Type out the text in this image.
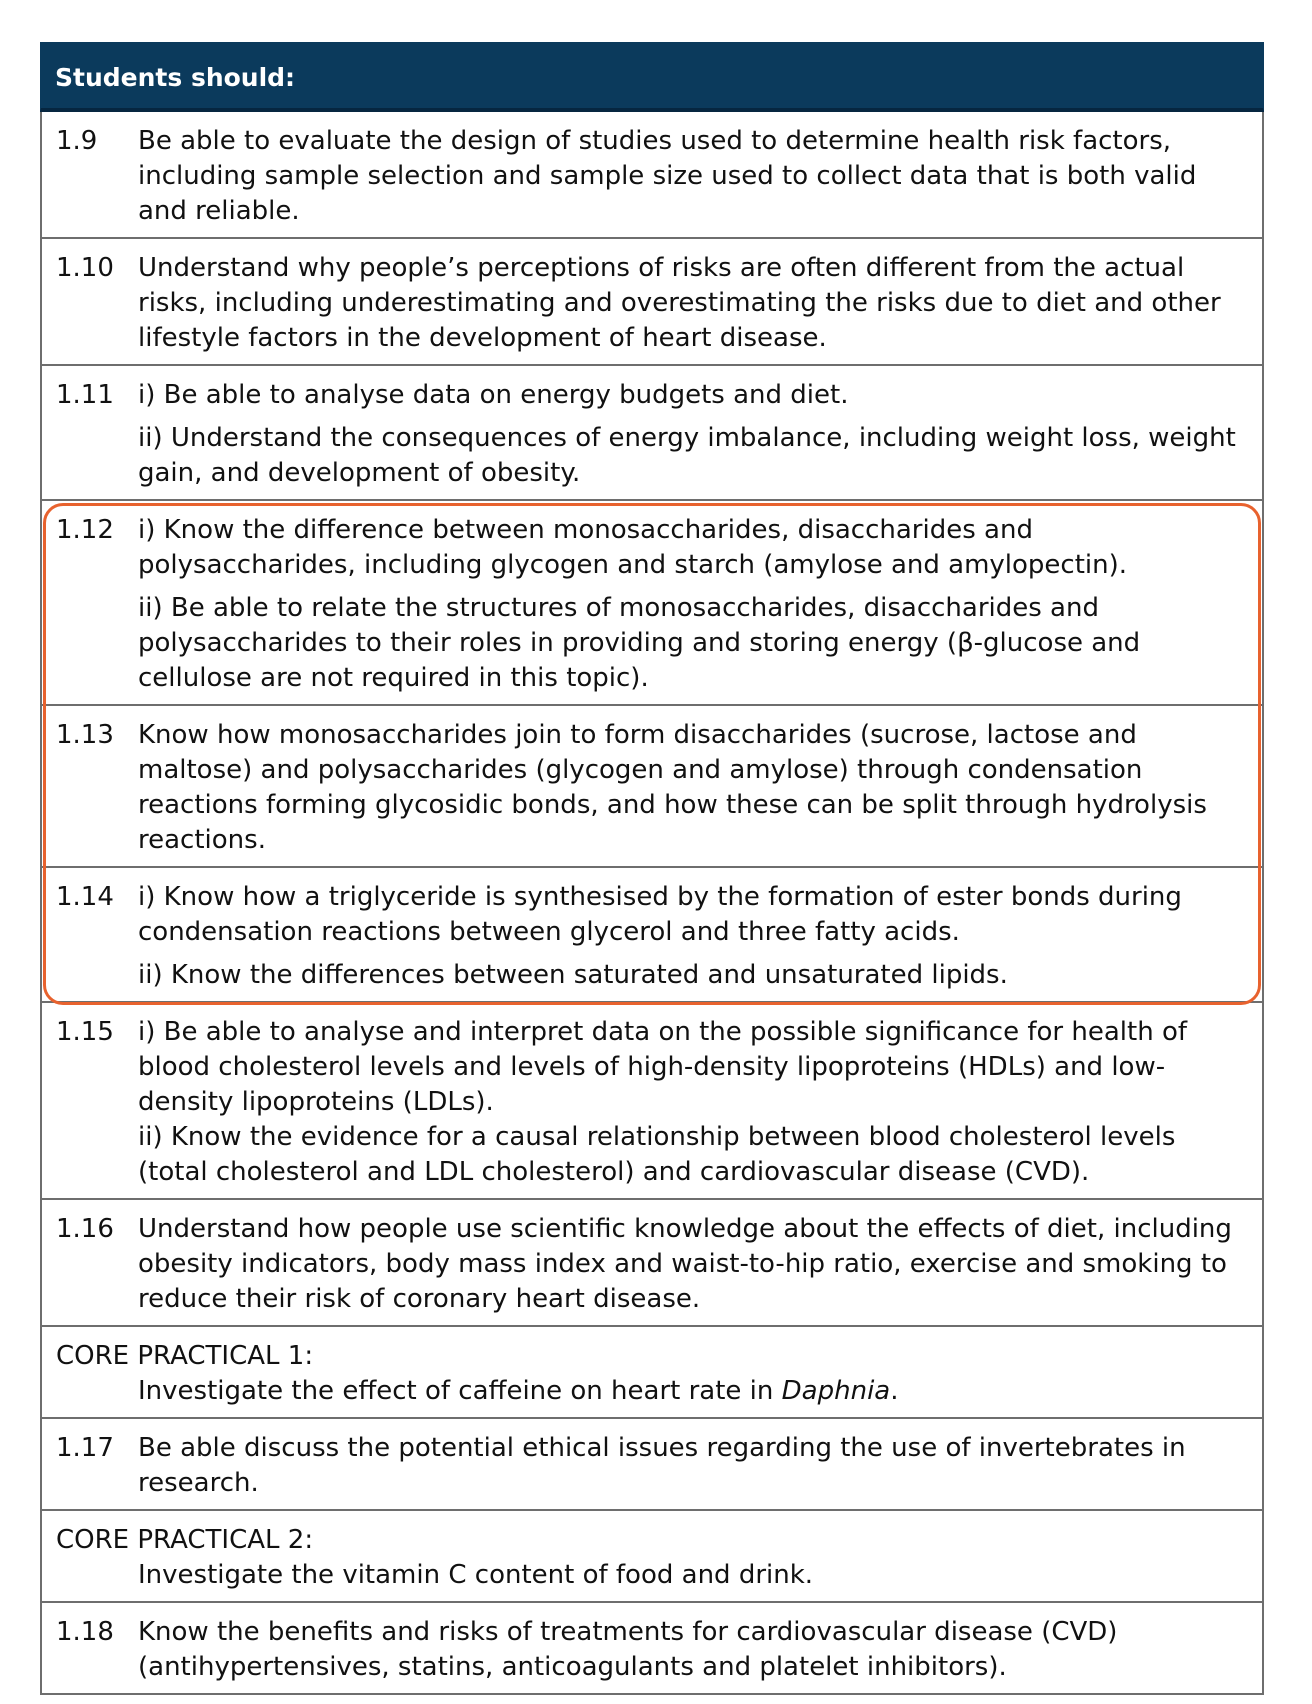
Students should:
1.9	Be able to evaluate the design of studies used to determine health risk factors, including sample selection and sample size used to collect data that is both valid and reliable.
1.10 Understand why people’s perceptions of risks are often different from the actual risks, including underestimating and overestimating the risks due to diet and other lifestyle factors in the development of heart disease.
1.11 i) Be able to analyse data on energy budgets and diet.
ii) Understand the consequences of energy imbalance, including weight loss, weight gain, and development of obesity.
1.12 i) Know the difference between monosaccharides, disaccharides and polysaccharides, including glycogen and starch (amylose and amylopectin).
ii) Be able to relate the structures of monosaccharides, disaccharides and polysaccharides to their roles in providing and storing energy (β-glucose and cellulose are not required in this topic).
1.13 Know how monosaccharides join to form disaccharides (sucrose, lactose and maltose) and polysaccharides (glycogen and amylose) through condensation reactions forming glycosidic bonds, and how these can be split through hydrolysis reactions.
1.14 i) Know how a triglyceride is synthesised by the formation of ester bonds during condensation reactions between glycerol and three fatty acids.
ii) Know the differences between saturated and unsaturated lipids.
1.15 i) Be able to analyse and interpret data on the possible significance for health of blood cholesterol levels and levels of high-density lipoproteins (HDLs) and low-density lipoproteins (LDLs).
ii) Know the evidence for a causal relationship between blood cholesterol levels (total cholesterol and LDL cholesterol) and cardiovascular disease (CVD).
1.16 Understand how people use scientific knowledge about the effects of diet, including obesity indicators, body mass index and waist-to-hip ratio, exercise and smoking to reduce their risk of coronary heart disease.
CORE PRACTICAL 1:
Investigate the effect of caffeine on heart rate in Daphnia.
1.17 Be able discuss the potential ethical issues regarding the use of invertebrates in research.
CORE PRACTICAL 2:
Investigate the vitamin C content of food and drink.
1.18 Know the benefits and risks of treatments for cardiovascular disease (CVD) (antihypertensives, statins, anticoagulants and platelet inhibitors).
